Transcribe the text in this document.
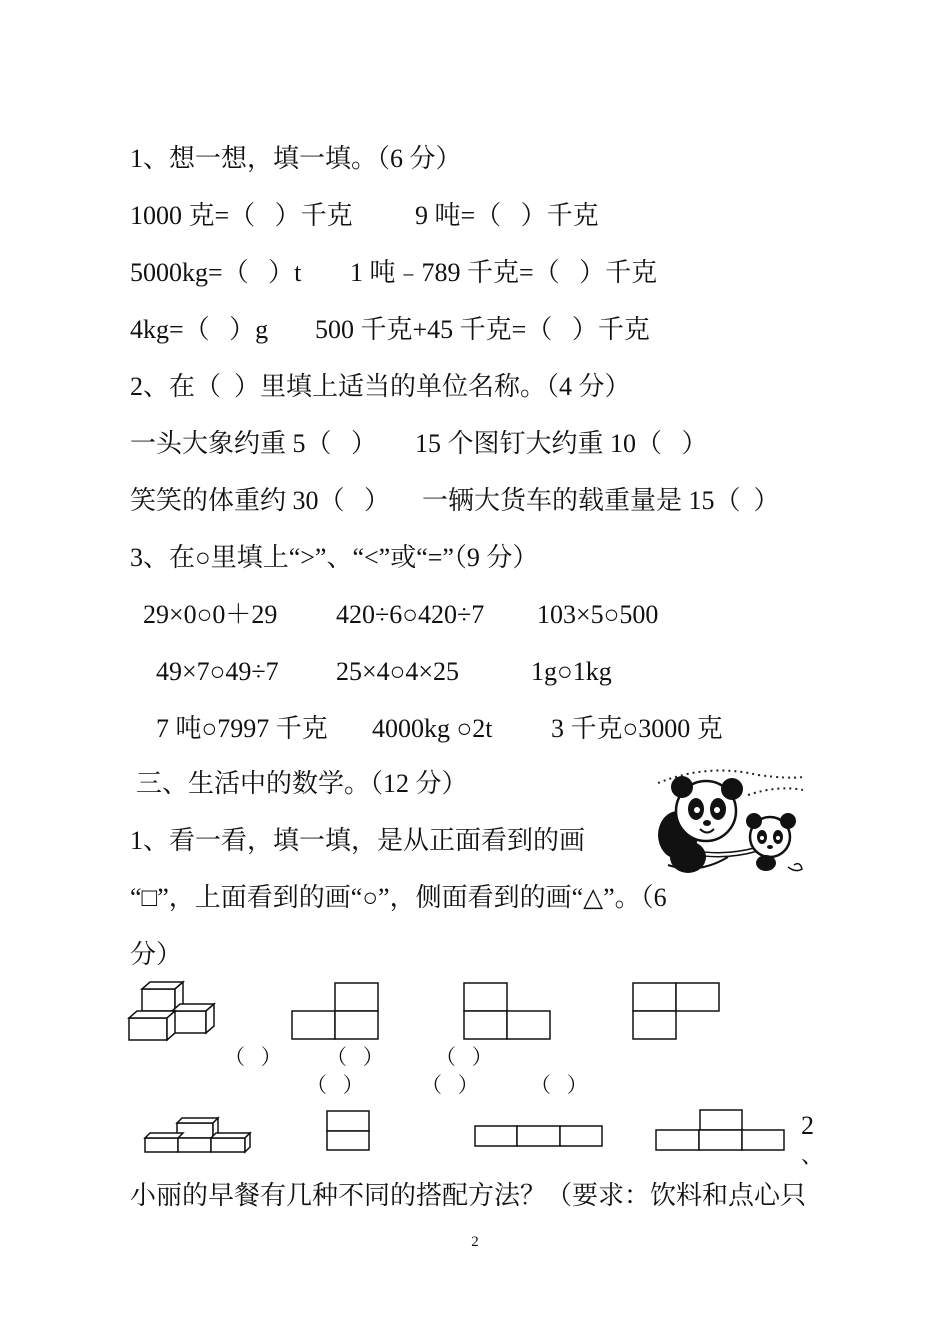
1、想一想，填一填。（6 分）
1000 克=（   ）千克 9 吨=（   ）千克
5000kg=（   ）t 1 吨﹣789 千克=（   ）千克
4kg=（   ）g 500 千克+45 千克=（   ）千克
2、在（  ）里填上适当的单位名称。（4 分）
一头大象约重 5（   ） 15 个图钉大约重 10（   ）
笑笑的体重约 30（   ） 一辆大货车的载重量是 15（  ）
3、在○里填上“>”、“<”或“=”（9 分）
29×0○0＋29 420÷6○420÷7 103×5○500
49×7○49÷7 25×4○4×25	1g○1kg
7 吨○7997 千克 4000kg ○2t 3 千克○3000 克
三、生活中的数学。（12 分）
1、看一看，填一填，是从正面看到的画
“□”，上面看到的画“○”，侧面看到的画“△”。（6
分）
（   ） （   ） （   ）
（   ）	（   ） （   ）
2
、
小丽的早餐有几种不同的搭配方法？（要求：饮料和点心只
2
